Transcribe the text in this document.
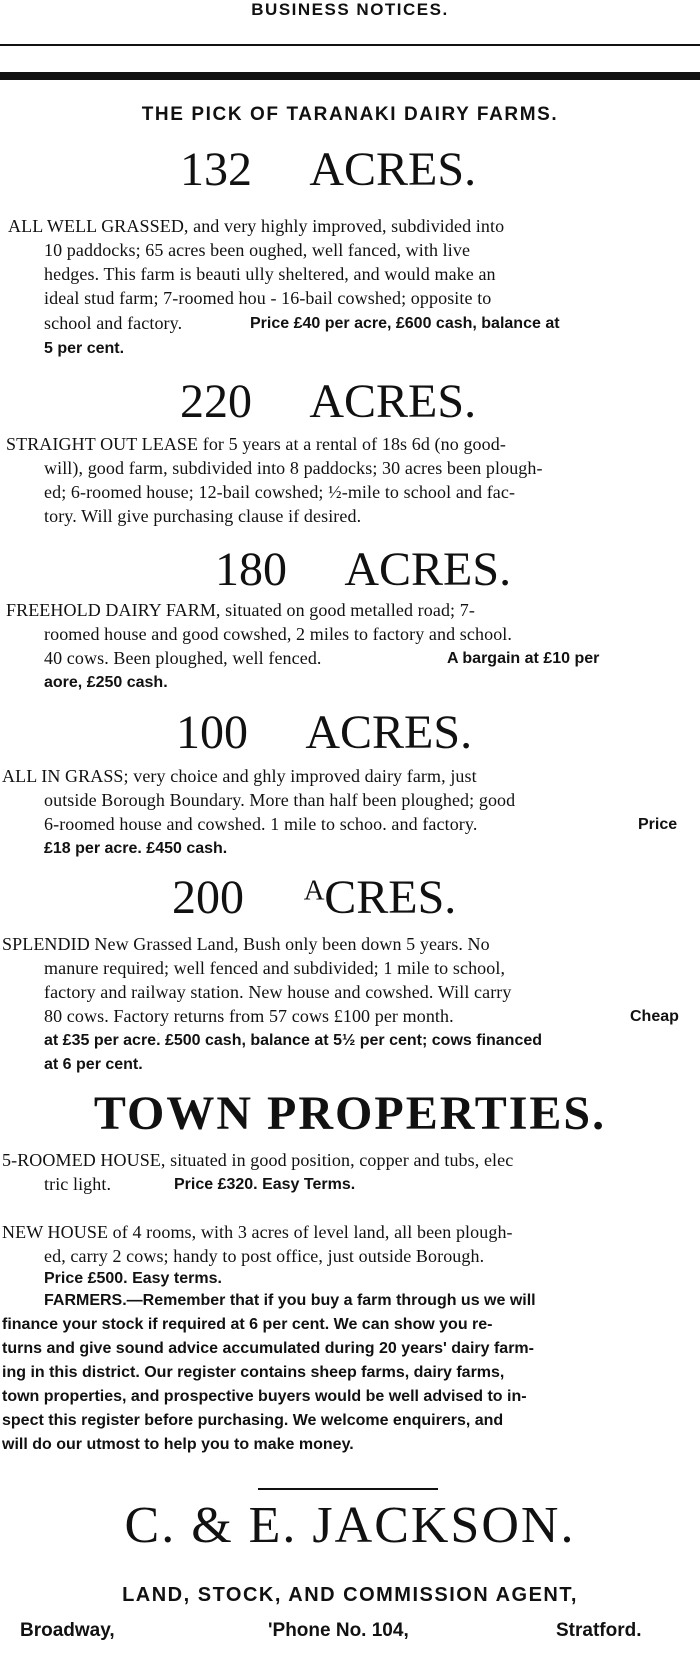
BUSINESS NOTICES.
THE PICK OF TARANAKI DAIRY FARMS.
132 ACRES.
ALL WELL GRASSED, and very highly improved, subdivided into
10 paddocks; 65 acres been oughed, well fanced, with live
hedges. This farm is beauti ully sheltered, and would make an
ideal stud farm; 7-roomed hou - 16-bail cowshed; opposite to
school and factory.	Price £40 per acre, £600 cash, balance at
5 per cent.
220 ACRES.
STRAIGHT OUT LEASE for 5 years at a rental of 18s 6d (no good-
will), good farm, subdivided into 8 paddocks; 30 acres been plough-
ed; 6-roomed house; 12-bail cowshed; ½-mile to school and fac-
tory. Will give purchasing clause if desired.
180 ACRES.
FREEHOLD DAIRY FARM, situated on good metalled road; 7-
roomed house and good cowshed, 2 miles to factory and school.
40 cows. Been ploughed, well fenced.	A bargain at £10 per
aore, £250 cash.
100 ACRES.
ALL IN GRASS; very choice and ghly improved dairy farm, just
outside Borough Boundary. More than half been ploughed; good
6-roomed house and cowshed. 1 mile to schoo. and factory.	Price
£18 per acre. £450 cash.
200 ᴬCRES.
SPLENDID New Grassed Land, Bush only been down 5 years. No
manure required; well fenced and subdivided; 1 mile to school,
factory and railway station. New house and cowshed. Will carry
80 cows. Factory returns from 57 cows £100 per month.	Cheap
at £35 per acre. £500 cash, balance at 5½ per cent; cows financed
at 6 per cent.
TOWN PROPERTIES.
5-ROOMED HOUSE, situated in good position, copper and tubs, elec
tric light.	Price £320. Easy Terms.
NEW HOUSE of 4 rooms, with 3 acres of level land, all been plough-
ed, carry 2 cows; handy to post office, just outside Borough.
Price £500. Easy terms.
FARMERS.—Remember that if you buy a farm through us we will
finance your stock if required at 6 per cent. We can show you re-
turns and give sound advice accumulated during 20 years' dairy farm-
ing in this district. Our register contains sheep farms, dairy farms,
town properties, and prospective buyers would be well advised to in-
spect this register before purchasing. We welcome enquirers, and
will do our utmost to help you to make money.
C. & E. JACKSON.
LAND, STOCK, AND COMMISSION AGENT,
Broadway,	'Phone No. 104,	Stratford.
